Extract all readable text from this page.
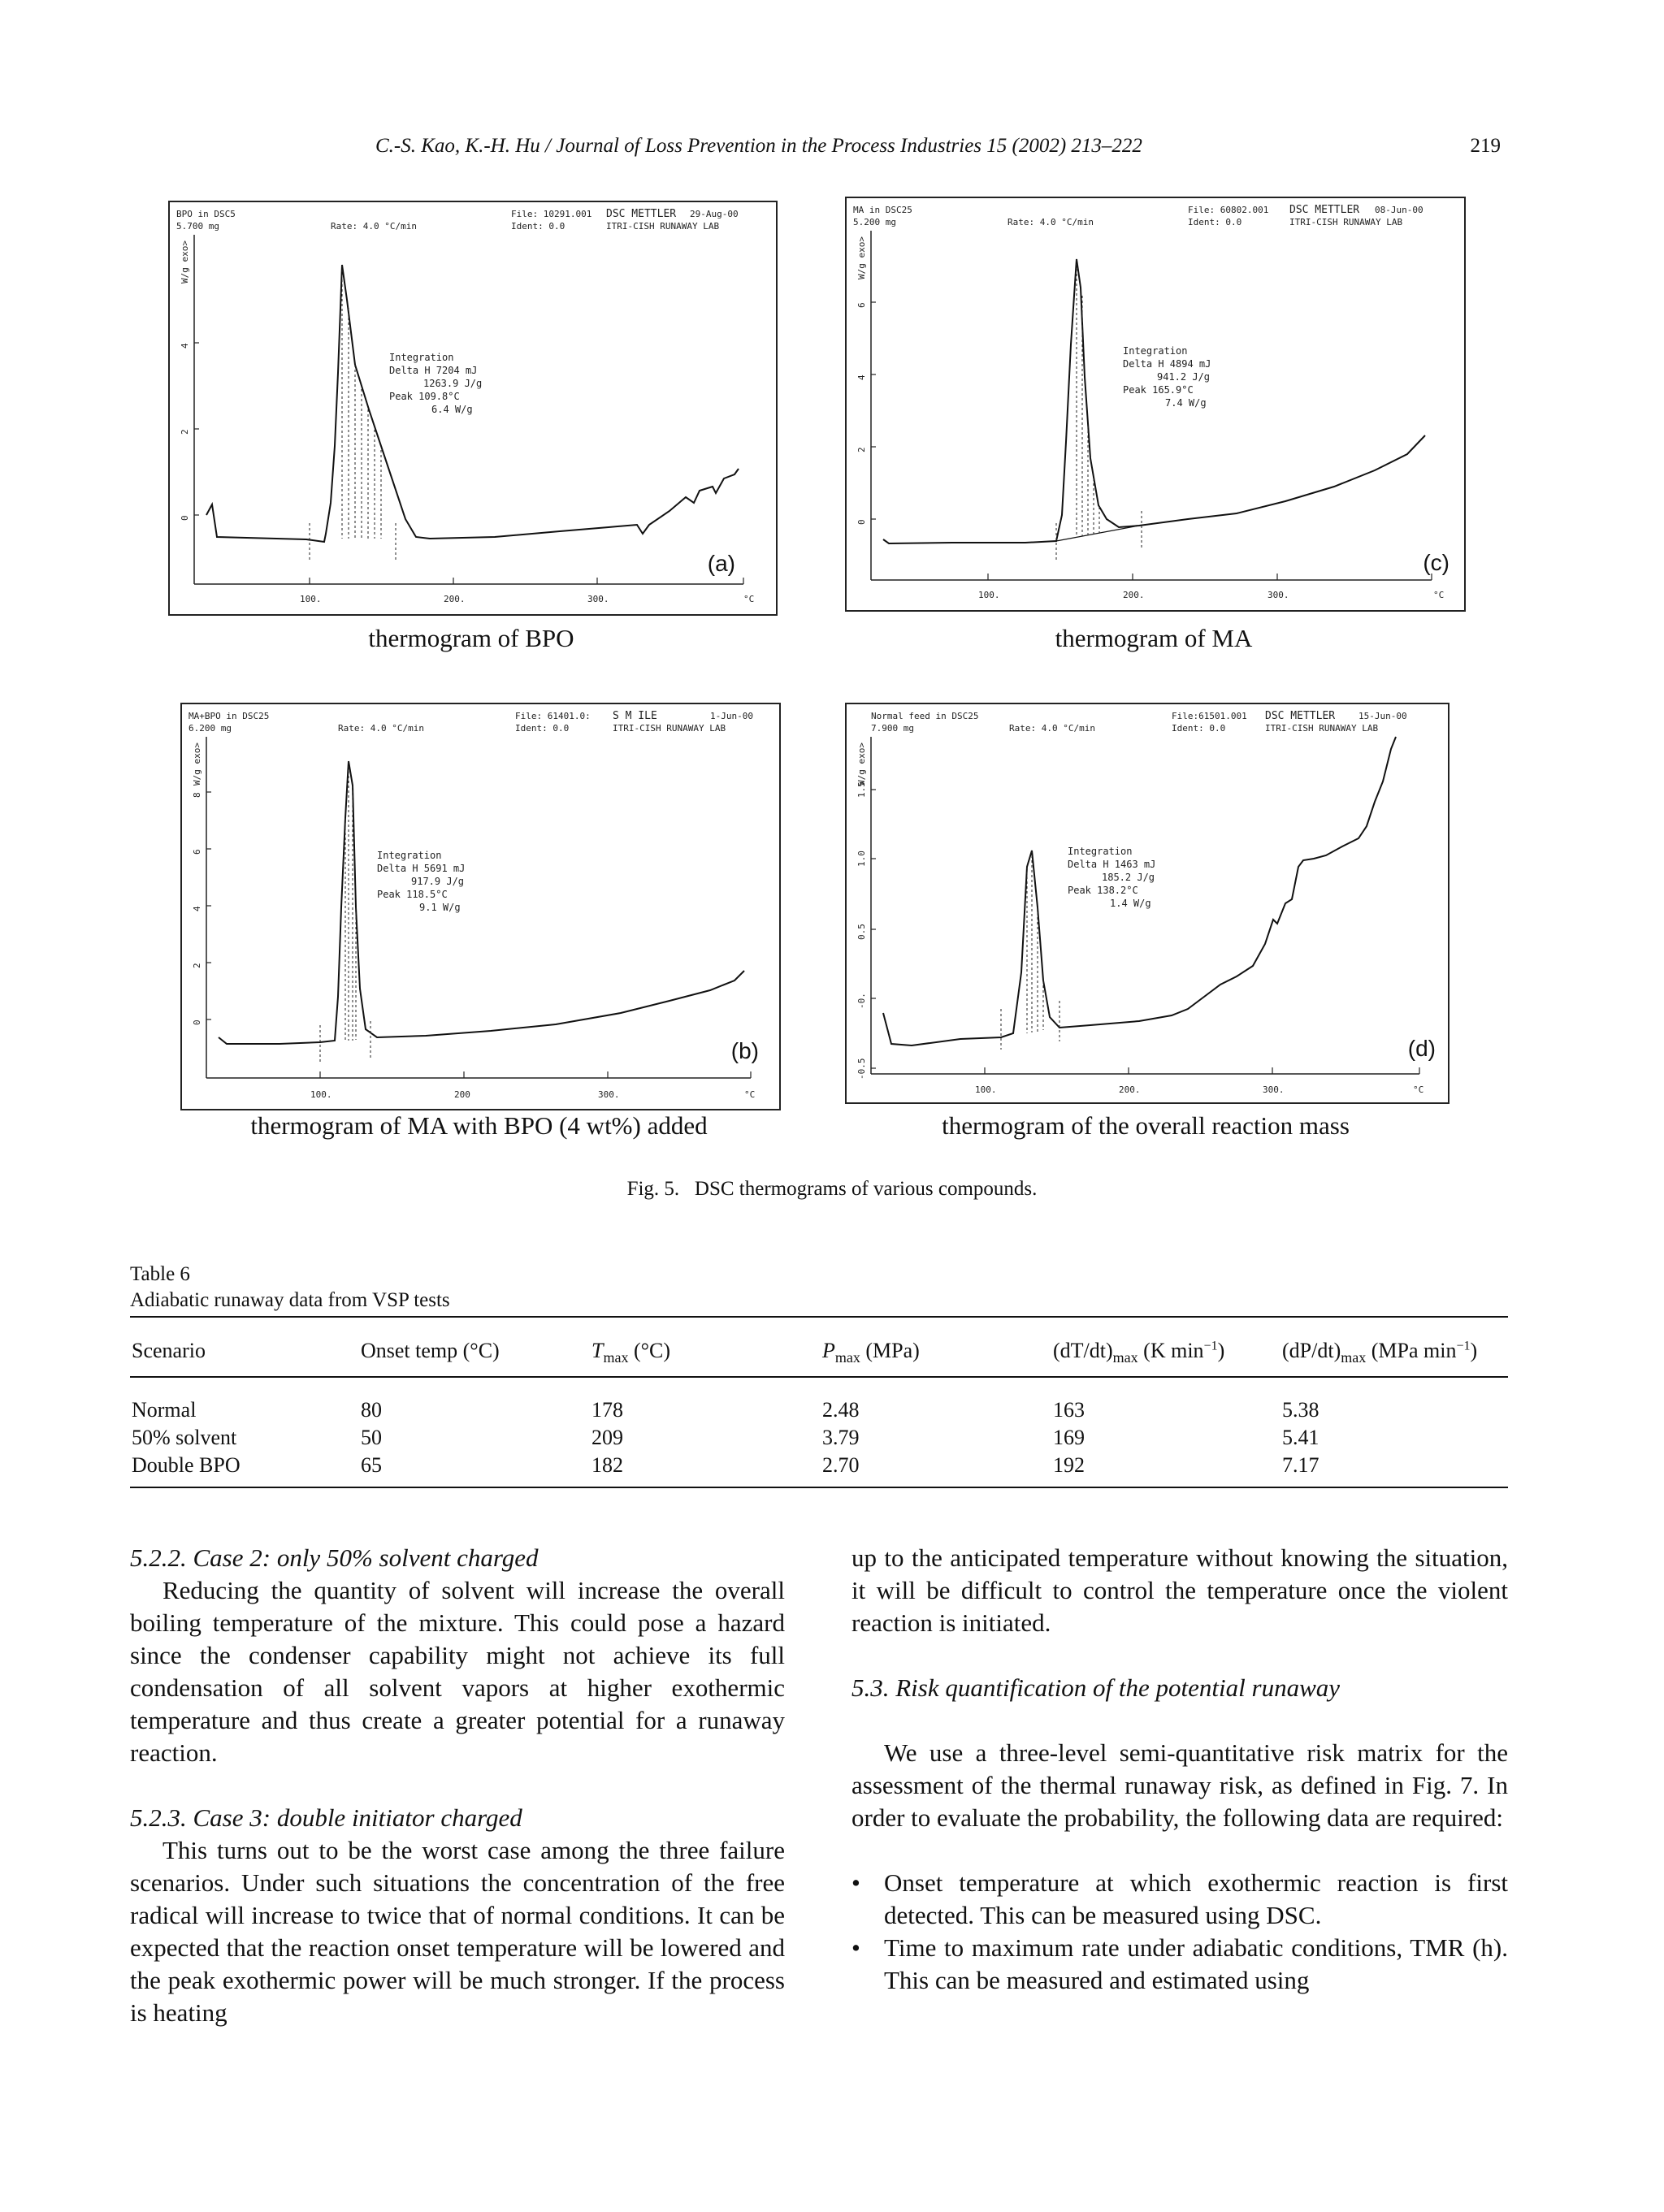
C.-S. Kao, K.-H. Hu / Journal of Loss Prevention in the Process Industries 15 (2002) 213–222	219
BPO in DSC5
5.700 mg	Rate: 4.0 °C/min
File: 10291.001
Ident: 0.0
DSC METTLER 29-Aug-00
ITRI-CISH RUNAWAY LAB
W/g exo>
0
2
4
100.	200.	300.	°C
Integration
Delta H 7204 mJ
1263.9 J/g
Peak 109.8°C
6.4 W/g
(a)
thermogram of BPO
MA in DSC25
5.200 mg	Rate: 4.0 °C/min
File: 60802.001
Ident: 0.0
DSC METTLER 08-Jun-00
ITRI-CISH RUNAWAY LAB
W/g exo>
0
2
4
6
100.	200.	300.	°C
Integration
Delta H 4894 mJ
941.2 J/g
Peak 165.9°C
7.4 W/g
(c)
thermogram of MA
MA+BPO in DSC25
6.200 mg	Rate: 4.0 °C/min
File: 61401.0:
Ident: 0.0
S M ILE	1-Jun-00
ITRI-CISH RUNAWAY LAB
W/g exo>
0
2
4
6
8
100.	200	300.	°C
Integration
Delta H 5691 mJ
917.9 J/g
Peak 118.5°C
9.1 W/g
(b)
thermogram of MA with BPO (4 wt%) added
Normal feed in DSC25
7.900 mg	Rate: 4.0 °C/min
File:61501.001
Ident: 0.0
DSC METTLER	15-Jun-00
ITRI-CISH RUNAWAY LAB
W/g exo>
-0.5
-0.
0.5
1.0
1.5
100.	200.	300.	°C
Integration
Delta H 1463 mJ
185.2 J/g
Peak 138.2°C
1.4 W/g
(d)
thermogram of the overall reaction mass
Fig. 5.   DSC thermograms of various compounds.
Table 6
Adiabatic runaway data from VSP tests
Scenario	Onset temp (°C)	$T_{max}$ (°C)	$P_{max}$ (MPa)	$(dT/dt)_{max}$ (K $\min^{-1}$)	$(dP/dt)_{max}$ (MPa $\min^{-1}$)
Normal	80	178	2.48	163	5.38
50% solvent	50	209	3.79	169	5.41
Double BPO	65	182	2.70	192	7.17

5.2.2. Case 2: only 50% solvent charged

Reducing the quantity of solvent will increase the overall boiling temperature of the mixture. This could pose a hazard since the condenser capability might not achieve its full condensation of all solvent vapors at higher exothermic temperature and thus create a greater potential for a runaway reaction.

5.2.3. Case 3: double initiator charged

This turns out to be the worst case among the three failure scenarios. Under such situations the concentration of the free radical will increase to twice that of normal conditions. It can be expected that the reaction onset temperature will be lowered and the peak exothermic power will be much stronger. If the process is heating

up to the anticipated temperature without knowing the situation, it will be difficult to control the temperature once the violent reaction is initiated.

5.3. Risk quantification of the potential runaway

We use a three-level semi-quantitative risk matrix for the assessment of the thermal runaway risk, as defined in Fig. 7. In order to evaluate the probability, the following data are required:

• Onset temperature at which exothermic reaction is first detected. This can be measured using DSC.
• Time to maximum rate under adiabatic conditions, TMR (h). This can be measured and estimated using
